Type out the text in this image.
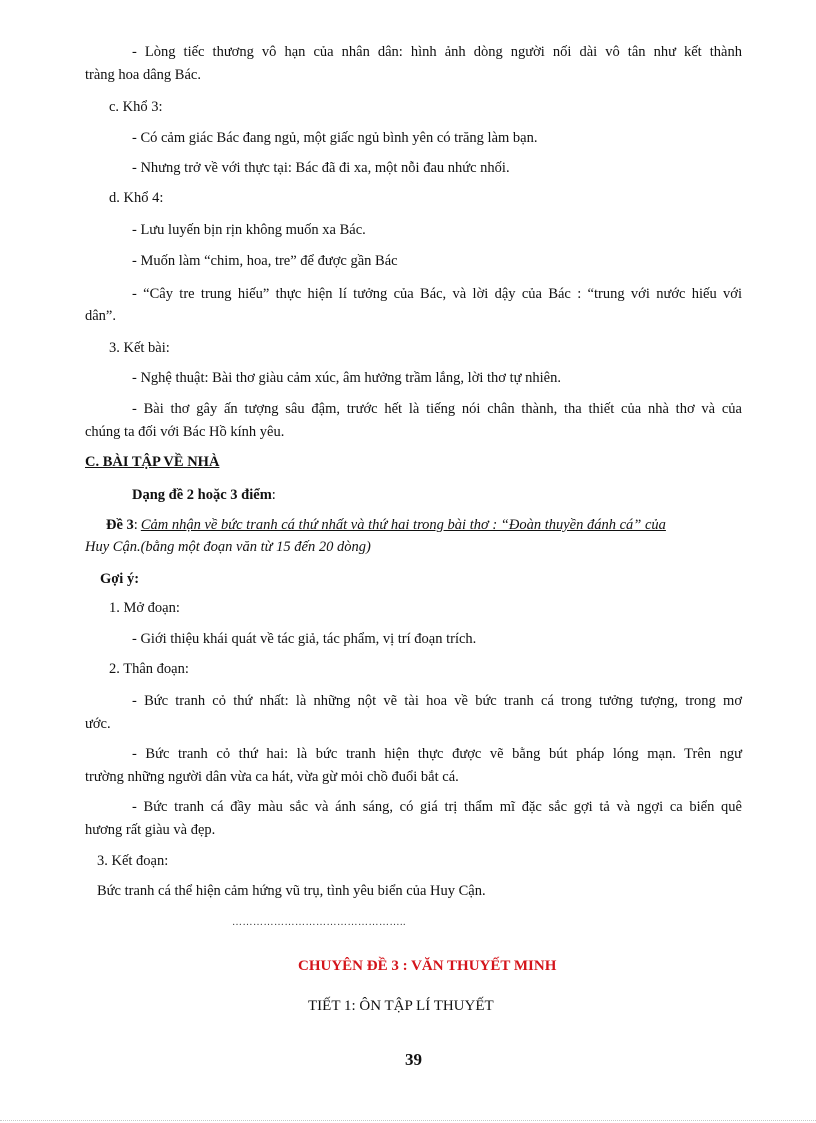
- Lòng tiếc thương vô hạn của nhân dân: hình ảnh dòng người nối dài vô tân như kết thành
tràng hoa dâng Bác.
c. Khổ 3:
- Có cảm giác Bác đang ngủ, một giấc ngủ bình yên có trăng làm bạn.
- Nhưng trở về với thực tại: Bác đã đi xa, một nỗi đau nhức nhối.
d. Khổ 4:
- Lưu luyến bịn rịn không muốn xa Bác.
- Muốn làm “chim, hoa, tre” để được gần Bác
- “Cây tre trung hiếu” thực hiện lí tưởng của Bác, và lời dậy của Bác : “trung với nước hiếu với
dân”.
3. Kết bài:
- Nghệ thuật: Bài thơ giàu cảm xúc, âm hưởng trầm lắng, lời thơ tự nhiên.
- Bài thơ gây ấn tượng sâu đậm, trước hết là tiếng nói chân thành, tha thiết của nhà thơ và của
chúng ta đối với Bác Hồ kính yêu.
C. BÀI TẬP VỀ NHÀ
Dạng đề 2 hoặc 3 điểm:
Đề 3: Cảm nhận về bức tranh cá thứ nhất và thứ hai trong bài thơ : “Đoàn thuyền đánh cá” của
Huy Cận.(bằng một đoạn văn từ 15 đến 20 dòng)
Gợi ý:
1. Mở đoạn:
- Giới thiệu khái quát về tác giả, tác phẩm, vị trí đoạn trích.
2. Thân đoạn:
- Bức tranh cỏ thứ nhất: là những nột vẽ tài hoa về bức tranh cá trong tưởng tượng, trong mơ
ước.
- Bức tranh cỏ thứ hai: là bức tranh hiện thực được vẽ bằng bút pháp lóng mạn. Trên ngư
trường những người dân vừa ca hát, vừa gừ mỏi chồ đuổi bắt cá.
- Bức tranh cá đầy màu sắc và ánh sáng, có giá trị thẩm mĩ đặc sắc gợi tả và ngợi ca biển quê
hương rất giàu và đẹp.
3. Kết đoạn:
Bức tranh cá thể hiện cảm hứng vũ trụ, tình yêu biển của Huy Cận.
…………………………………………..
CHUYÊN ĐỀ 3 : VĂN THUYẾT MINH
TIẾT 1: ÔN TẬP LÍ THUYẾT
39
